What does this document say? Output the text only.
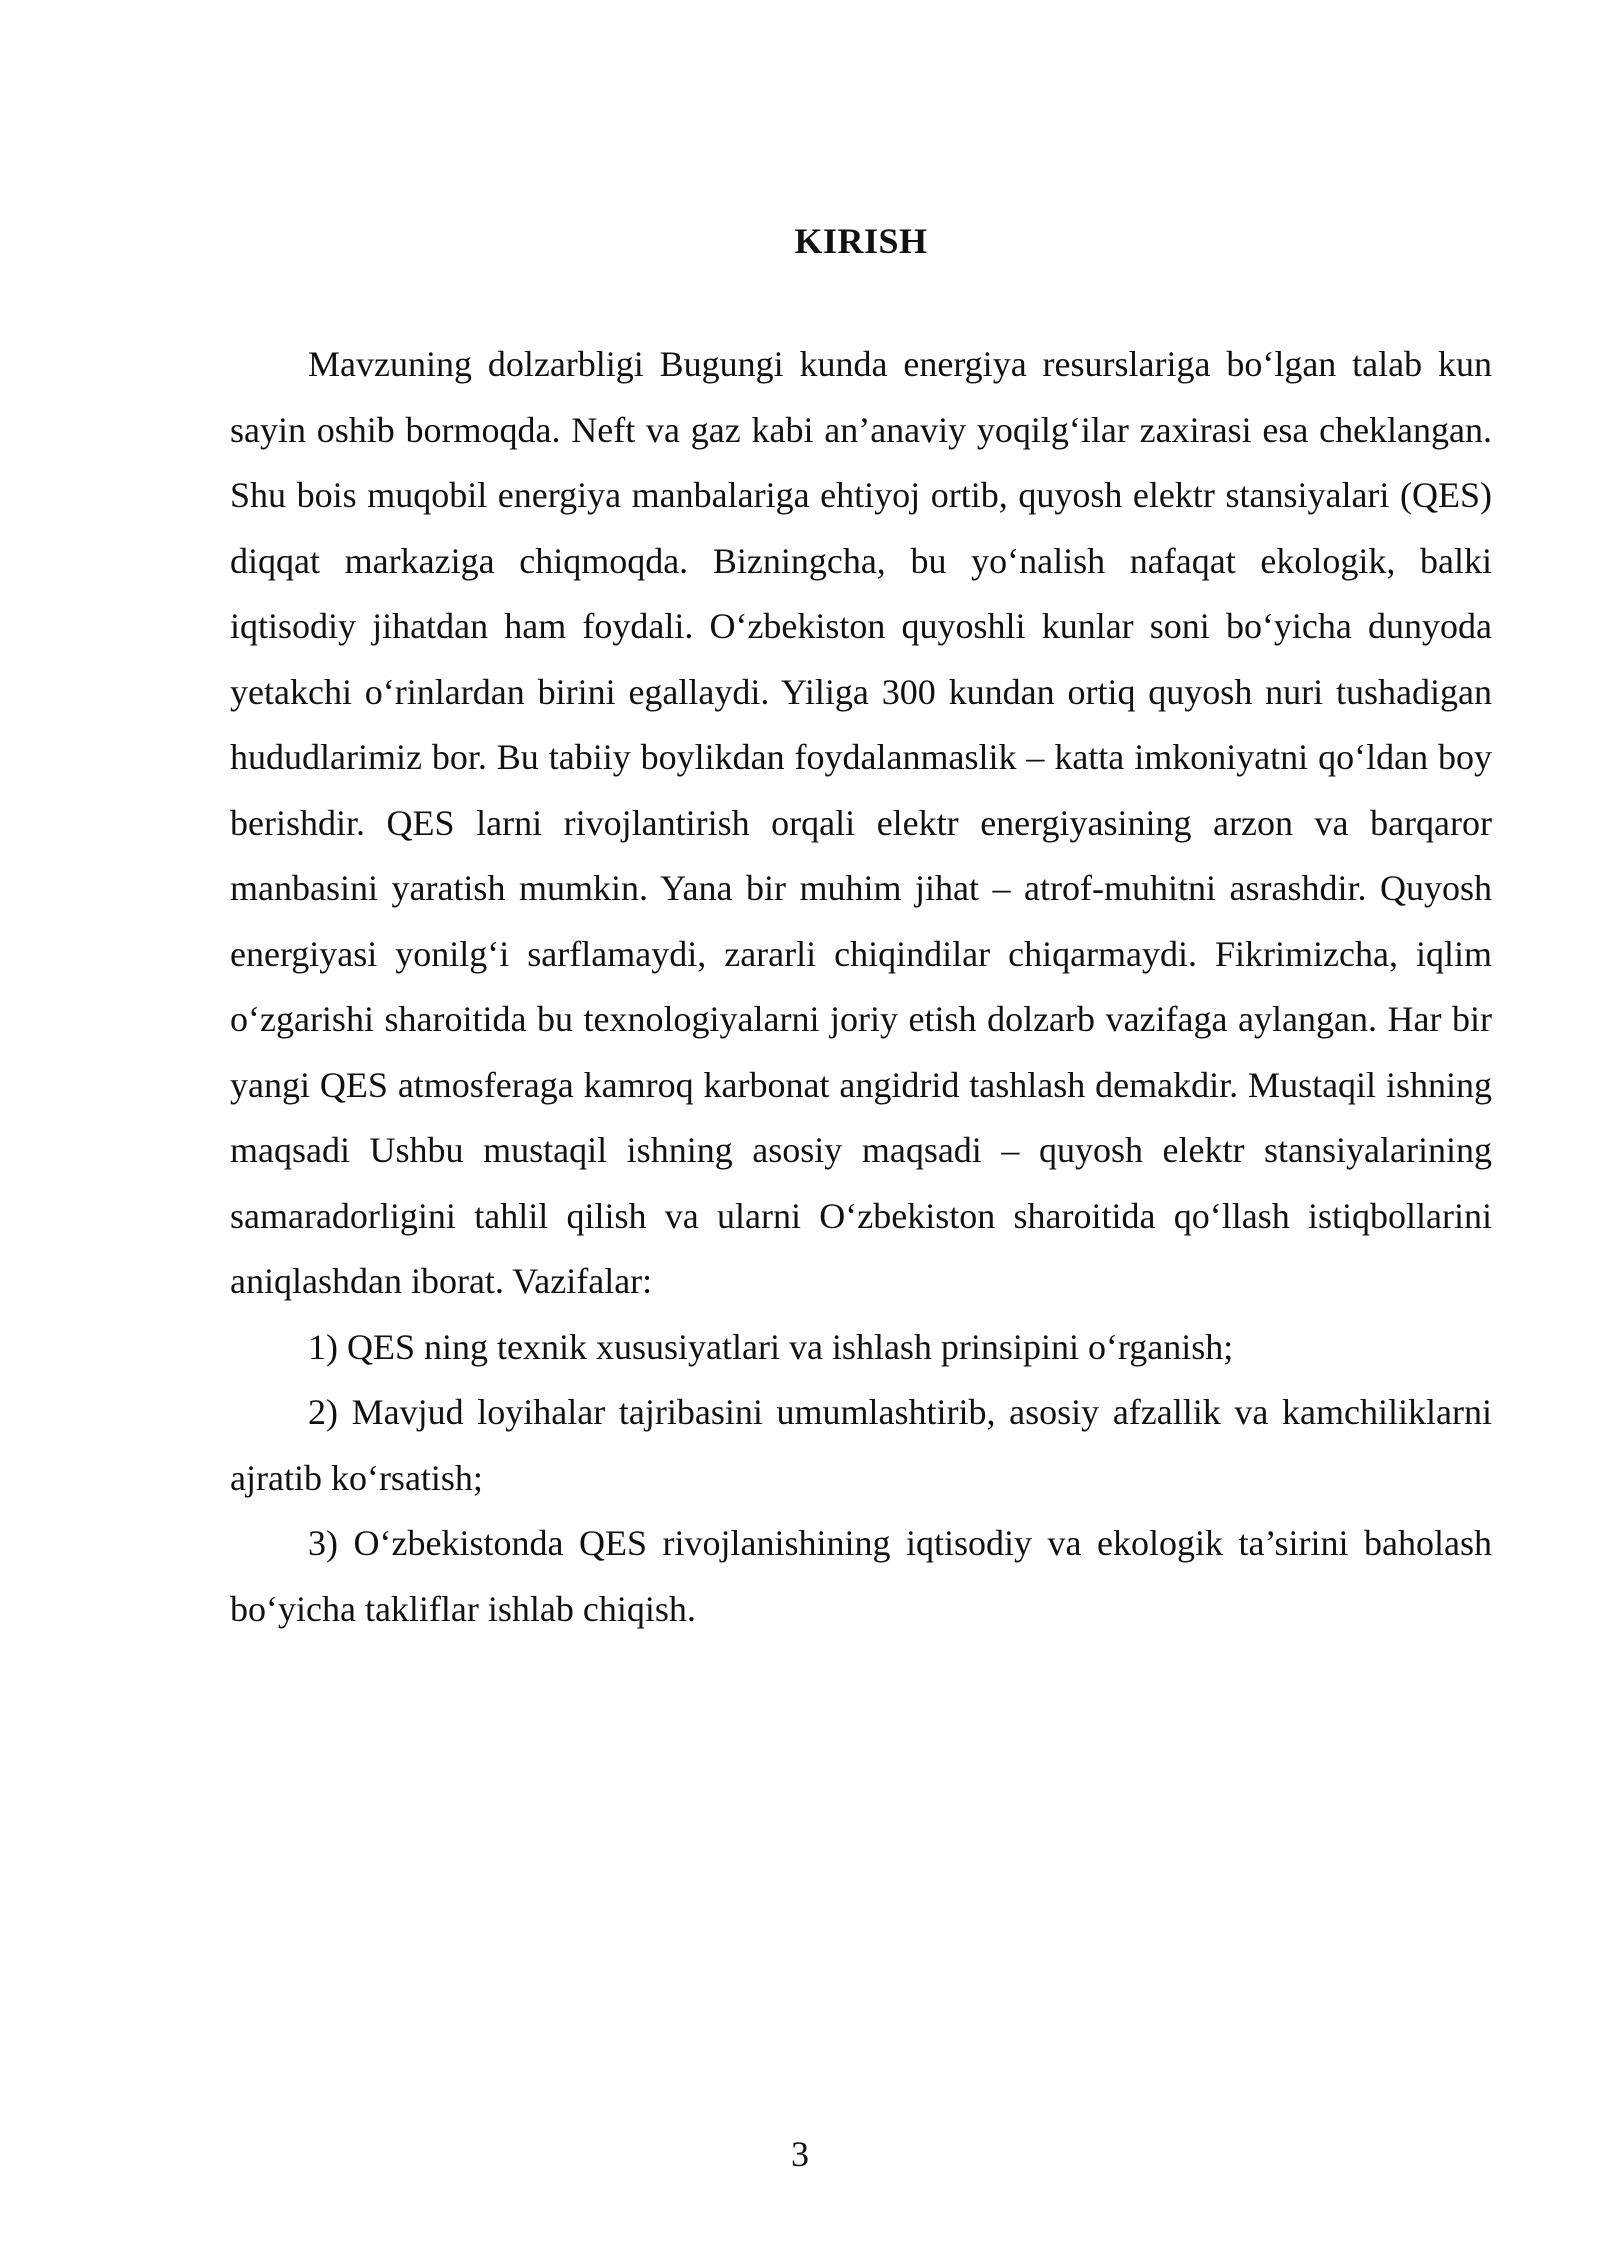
KIRISH

Mavzuning dolzarbligi Bugungi kunda energiya resurslariga bo‘lgan talab kun sayin oshib bormoqda. Neft va gaz kabi an’anaviy yoqilg‘ilar zaxirasi esa cheklangan. Shu bois muqobil energiya manbalariga ehtiyoj ortib, quyosh elektr stansiyalari (QES) diqqat markaziga chiqmoqda. Bizningcha, bu yo‘nalish nafaqat ekologik, balki iqtisodiy jihatdan ham foydali. O‘zbekiston quyoshli kunlar soni bo‘yicha dunyoda yetakchi o‘rinlardan birini egallaydi. Yiliga 300 kundan ortiq quyosh nuri tushadigan hududlarimiz bor. Bu tabiiy boylikdan foydalanmaslik – katta imkoniyatni qo‘ldan boy berishdir. QES larni rivojlantirish orqali elektr energiyasining arzon va barqaror manbasini yaratish mumkin. Yana bir muhim jihat – atrof-muhitni asrashdir. Quyosh energiyasi yonilg‘i sarflamaydi, zararli chiqindilar chiqarmaydi. Fikrimizcha, iqlim o‘zgarishi sharoitida bu texnologiyalarni joriy etish dolzarb vazifaga aylangan. Har bir yangi QES atmosferaga kamroq karbonat angidrid tashlash demakdir. Mustaqil ishning maqsadi Ushbu mustaqil ishning asosiy maqsadi – quyosh elektr stansiyalarining samaradorligini tahlil qilish va ularni O‘zbekiston sharoitida qo‘llash istiqbollarini aniqlashdan iborat. Vazifalar:

1) QES ning texnik xususiyatlari va ishlash prinsipini o‘rganish;

2) Mavjud loyihalar tajribasini umumlashtirib, asosiy afzallik va kamchiliklarni ajratib ko‘rsatish;

3) O‘zbekistonda QES rivojlanishining iqtisodiy va ekologik ta’sirini baholash bo‘yicha takliflar ishlab chiqish.

3
